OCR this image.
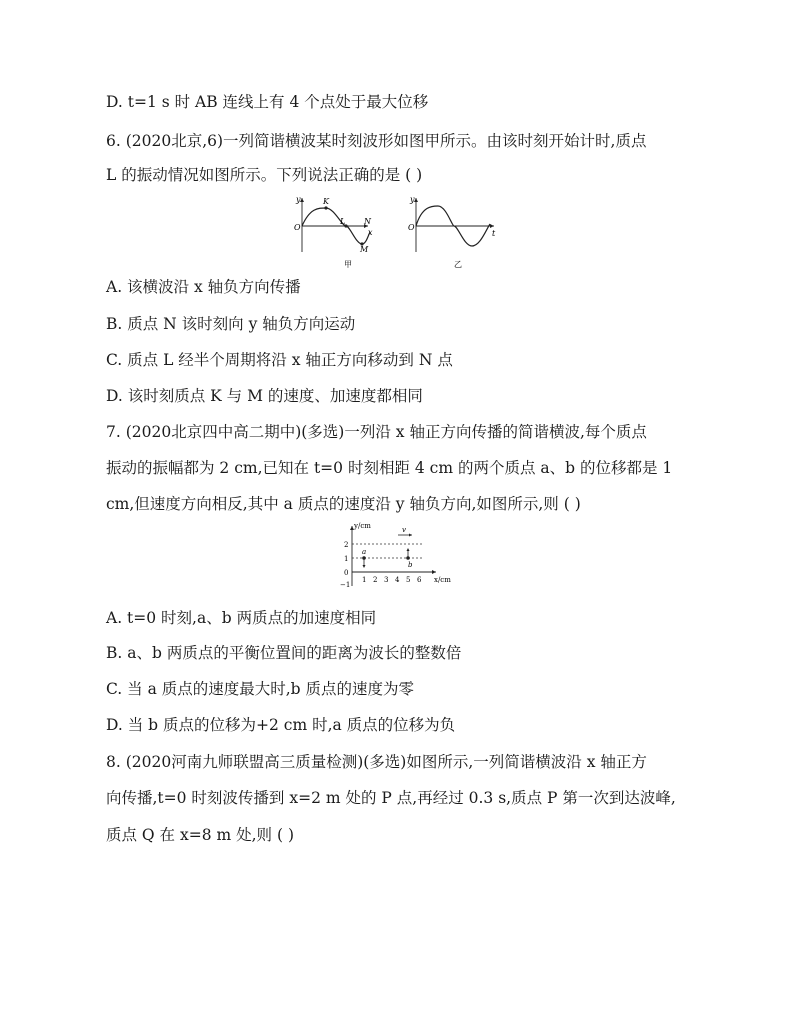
D. t=1 s 时 AB 连线上有 4 个点处于最大位移
6. (2020北京,6)一列简谐横波某时刻波形如图甲所示。由该时刻开始计时,质点
L 的振动情况如图所示。下列说法正确的是 ( )
y
O
x
K
L
M
N
甲
y
O
t
乙
A. 该横波沿 x 轴负方向传播
B. 质点 N 该时刻向 y 轴负方向运动
C. 质点 L 经半个周期将沿 x 轴正方向移动到 N 点
D. 该时刻质点 K 与 M 的速度、加速度都相同
7. (2020北京四中高二期中)(多选)一列沿 x 轴正方向传播的简谐横波,每个质点
振动的振幅都为 2 cm,已知在 t=0 时刻相距 4 cm 的两个质点 a、b 的位移都是 1
cm,但速度方向相反,其中 a 质点的速度沿 y 轴负方向,如图所示,则 ( )
v
a
b
y/cm
x/cm
2
1
0
−1
1 2 3 4 5 6
A. t=0 时刻,a、b 两质点的加速度相同
B. a、b 两质点的平衡位置间的距离为波长的整数倍
C. 当 a 质点的速度最大时,b 质点的速度为零
D. 当 b 质点的位移为+2 cm 时,a 质点的位移为负
8. (2020河南九师联盟高三质量检测)(多选)如图所示,一列简谐横波沿 x 轴正方
向传播,t=0 时刻波传播到 x=2 m 处的 P 点,再经过 0.3 s,质点 P 第一次到达波峰,
质点 Q 在 x=8 m 处,则 ( )
